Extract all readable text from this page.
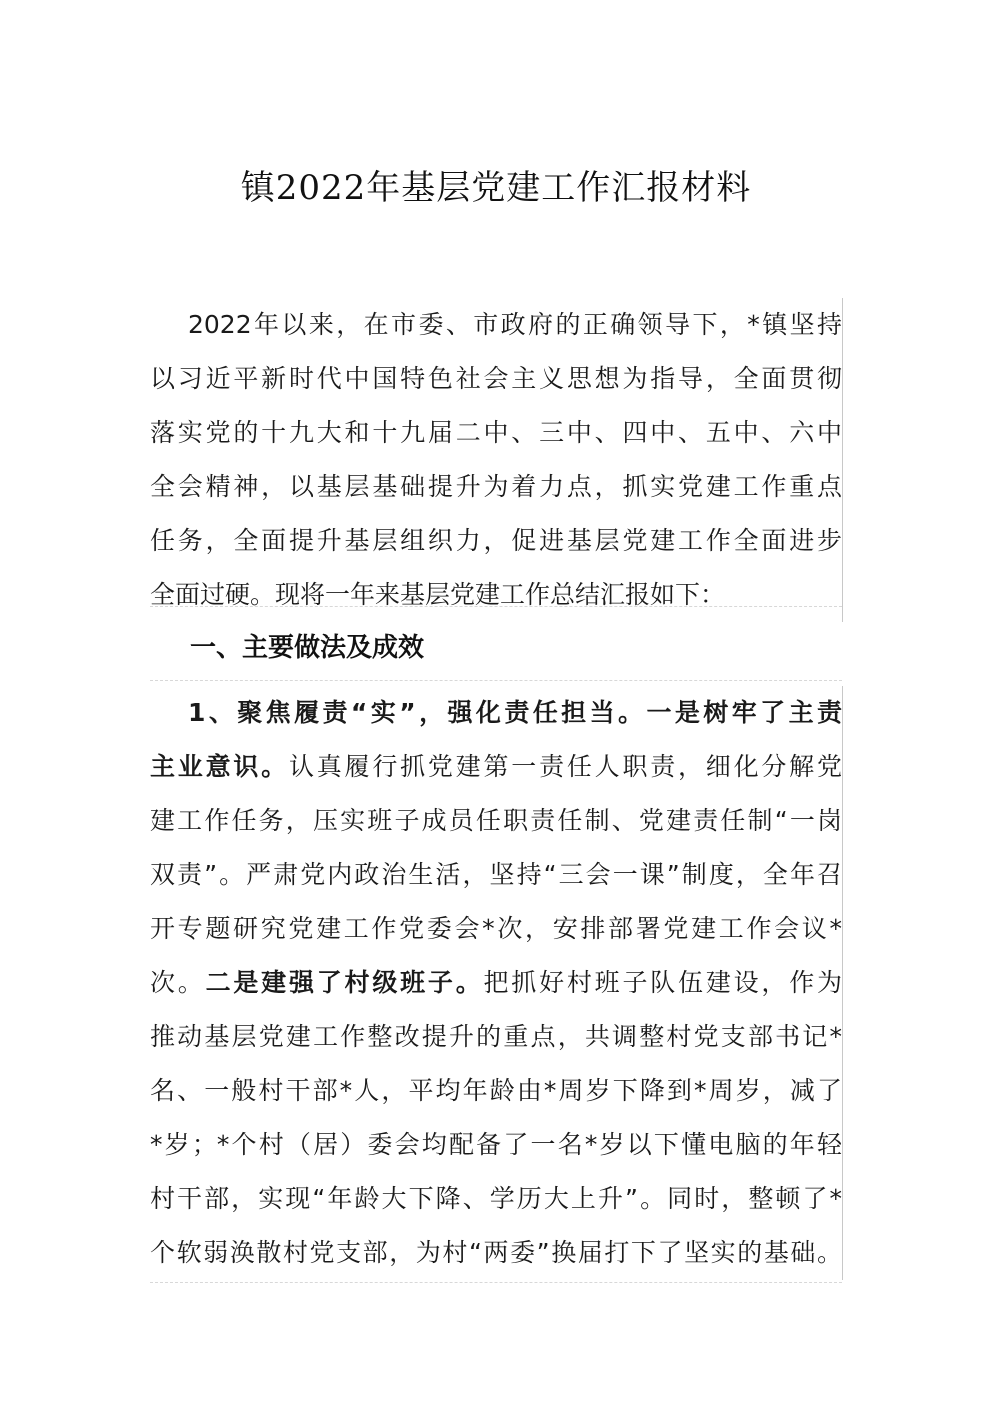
镇2022年基层党建工作汇报材料
2022年以来，在市委、市政府的正确领导下，*镇坚持
以习近平新时代中国特色社会主义思想为指导，全面贯彻
落实党的十九大和十九届二中、三中、四中、五中、六中
全会精神，以基层基础提升为着力点，抓实党建工作重点
任务，全面提升基层组织力，促进基层党建工作全面进步
全面过硬。现将一年来基层党建工作总结汇报如下：
一、主要做法及成效
1、聚焦履责“实”，强化责任担当。一是树牢了主责
主业意识。认真履行抓党建第一责任人职责，细化分解党
建工作任务，压实班子成员任职责任制、党建责任制“一岗
双责”。严肃党内政治生活，坚持“三会一课”制度，全年召
开专题研究党建工作党委会*次，安排部署党建工作会议*
次。二是建强了村级班子。把抓好村班子队伍建设，作为
推动基层党建工作整改提升的重点，共调整村党支部书记*
名、一般村干部*人，平均年龄由*周岁下降到*周岁，减了
*岁；*个村（居）委会均配备了一名*岁以下懂电脑的年轻
村干部，实现“年龄大下降、学历大上升”。同时，整顿了*
个软弱涣散村党支部，为村“两委”换届打下了坚实的基础。
